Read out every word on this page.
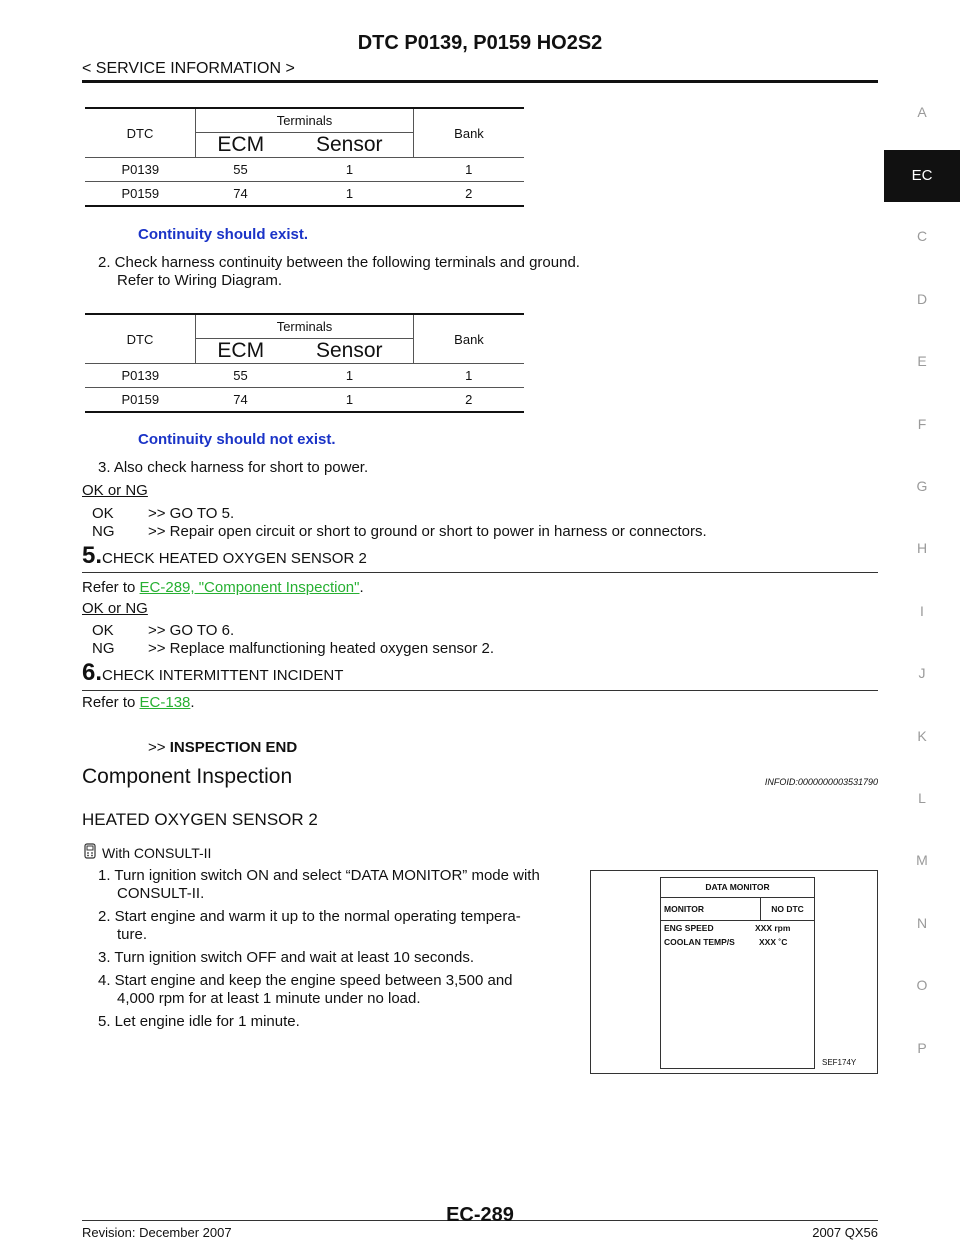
DTC P0139, P0159 HO2S2
< SERVICE INFORMATION >
A
EC
C
D
E
F
G
H
I
J
K
L
M
N
O
P
DTC	Terminals		Bank
	ECM	Sensor	
P0139	55	1	1
P0159	74	1	2
Continuity should exist.
2. Check harness continuity between the following terminals and ground.
Refer to Wiring Diagram.
DTC	Terminals		Bank
	ECM	Sensor	
P0139	55	1	1
P0159	74	1	2
Continuity should not exist.
3. Also check harness for short to power.
OK or NG
OK >> GO TO 5.
NG >> Repair open circuit or short to ground or short to power in harness or connectors.
5.CHECK HEATED OXYGEN SENSOR 2
Refer to EC-289, "Component Inspection".
OK or NG
OK >> GO TO 6.
NG >> Replace malfunctioning heated oxygen sensor 2.
6.CHECK INTERMITTENT INCIDENT
Refer to EC-138.
>> INSPECTION END
Component Inspection	INFOID:0000000003531790
HEATED OXYGEN SENSOR 2
With CONSULT-II
1. Turn ignition switch ON and select “DATA MONITOR” mode with
CONSULT-II.
2. Start engine and warm it up to the normal operating tempera-
ture.
3. Turn ignition switch OFF and wait at least 10 seconds.
4. Start engine and keep the engine speed between 3,500 and
4,000 rpm for at least 1 minute under no load.
5. Let engine idle for 1 minute.
DATA MONITOR
MONITOR	NO DTC
ENG SPEED	XXX rpm
COOLAN TEMP/S	XXX ˚C
SEF174Y
Revision: December 2007
EC-289
2007 QX56
